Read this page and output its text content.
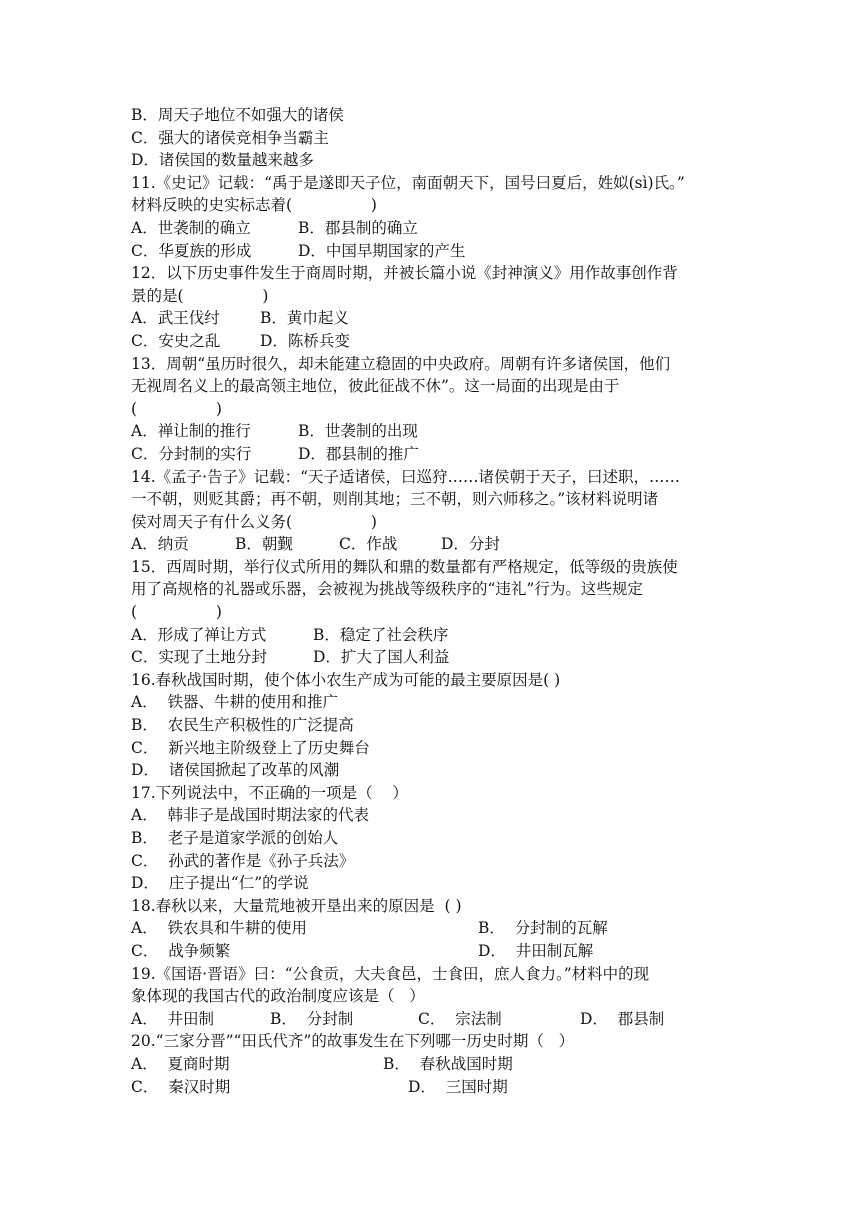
B．周天子地位不如强大的诸侯
C．强大的诸侯竞相争当霸主
D．诸侯国的数量越来越多
11.《史记》记载：“禹于是遂即天子位，南面朝天下，国号曰夏后，姓姒(sì)氏。”
材料反映的史实标志着(                )
A．世袭制的确立	B．郡县制的确立
C．华夏族的形成	D．中国早期国家的产生
12．以下历史事件发生于商周时期，并被长篇小说《封神演义》用作故事创作背
景的是(                )
A．武王伐纣	B．黄巾起义
C．安史之乱	D．陈桥兵变
13．周朝“虽历时很久，却未能建立稳固的中央政府。周朝有许多诸侯国，他们
无视周名义上的最高领主地位，彼此征战不休”。这一局面的出现是由于
(                )
A．禅让制的推行	B．世袭制的出现
C．分封制的实行	D．郡县制的推广
14.《孟子·告子》记载：“天子适诸侯，曰巡狩……诸侯朝于天子，曰述职，……
一不朝，则贬其爵；再不朝，则削其地；三不朝，则六师移之。”该材料说明诸
侯对周天子有什么义务(                )
A．纳贡	B．朝觐	C．作战	D．分封
15．西周时期，举行仪式所用的舞队和鼎的数量都有严格规定，低等级的贵族使
用了高规格的礼器或乐器，会被视为挑战等级秩序的“违礼”行为。这些规定
(                )
A．形成了禅让方式	B．稳定了社会秩序
C．实现了土地分封	D．扩大了国人利益
16.春秋战国时期，使个体小农生产成为可能的最主要原因是( )
A．  铁器、牛耕的使用和推广
B．  农民生产积极性的广泛提高
C．  新兴地主阶级登上了历史舞台
D．  诸侯国掀起了改革的风潮
17.下列说法中，不正确的一项是（    ）
A．  韩非子是战国时期法家的代表
B．  老子是道家学派的创始人
C．  孙武的著作是《孙子兵法》
D．  庄子提出“仁”的学说
18.春秋以来，大量荒地被开垦出来的原因是  ( )
A．  铁农具和牛耕的使用	B．  分封制的瓦解
C．  战争频繁	D．  井田制瓦解
19.《国语·晋语》曰：“公食贡，大夫食邑，士食田，庶人食力。”材料中的现
象体现的我国古代的政治制度应该是（   ）
A．  井田制	B．  分封制	C．  宗法制	D．  郡县制
20.“三家分晋”“田氏代齐”的故事发生在下列哪一历史时期（   ）
A．  夏商时期	B．  春秋战国时期
C．  秦汉时期	D．  三国时期
